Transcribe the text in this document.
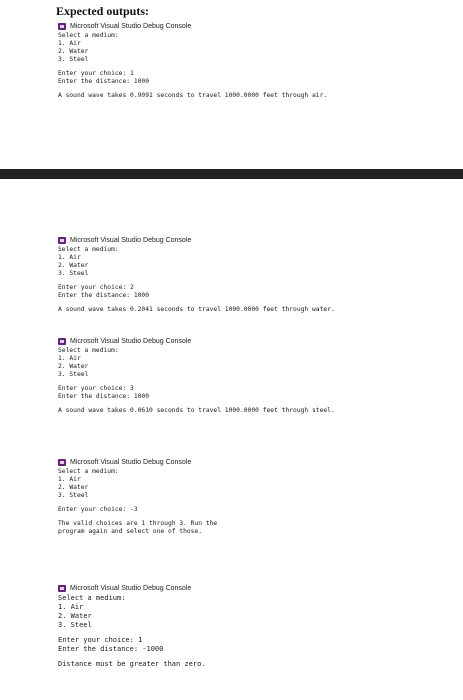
Expected outputs:
Microsoft Visual Studio Debug Console
Select a medium:
1. Air
2. Water
3. Steel
Enter your choice: 1
Enter the distance: 1000
A sound wave takes 0.9091 seconds to travel 1000.0000 feet through air.
Microsoft Visual Studio Debug Console
Select a medium:
1. Air
2. Water
3. Steel
Enter your choice: 2
Enter the distance: 1000
A sound wave takes 0.2041 seconds to travel 1000.0000 feet through water.
Microsoft Visual Studio Debug Console
Select a medium:
1. Air
2. Water
3. Steel
Enter your choice: 3
Enter the distance: 1000
A sound wave takes 0.0610 seconds to travel 1000.0000 feet through steel.
Microsoft Visual Studio Debug Console
Select a medium:
1. Air
2. Water
3. Steel
Enter your choice: -3
The valid choices are 1 through 3. Run the
program again and select one of those.
Microsoft Visual Studio Debug Console
Select a medium:
1. Air
2. Water
3. Steel
Enter your choice: 1
Enter the distance: -1000
Distance must be greater than zero.
